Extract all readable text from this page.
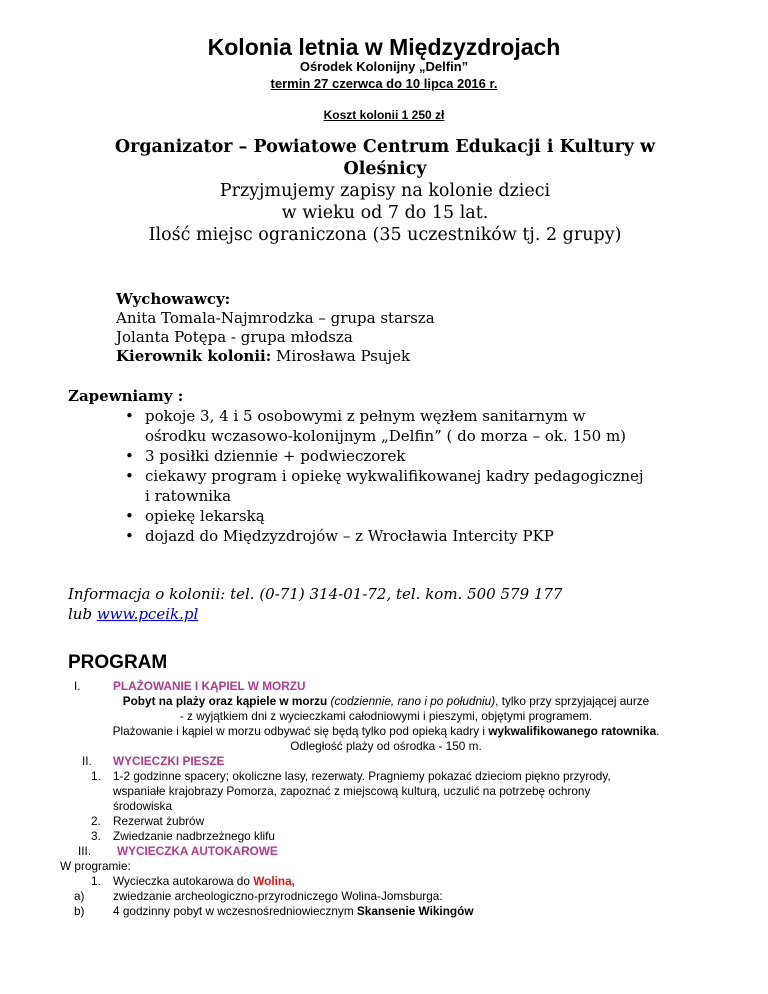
Kolonia letnia w Międzyzdrojach
Ośrodek Kolonijny „Delfin”
termin 27 czerwca do 10 lipca 2016 r.
Koszt kolonii 1 250 zł
Organizator – Powiatowe Centrum Edukacji i Kultury w
Oleśnicy
Przyjmujemy zapisy na kolonie dzieci
w wieku od 7 do 15 lat.
Ilość miejsc ograniczona (35 uczestników tj. 2 grupy)
Wychowawcy:
Anita Tomala-Najmrodzka – grupa starsza
Jolanta Potępa - grupa młodsza
Kierownik kolonii: Mirosława Psujek
Zapewniamy :
• pokoje 3, 4 i 5 osobowymi z pełnym węzłem sanitarnym w
ośrodku wczasowo-kolonijnym „Delfin” ( do morza – ok. 150 m)
• 3 posiłki dziennie + podwieczorek
• ciekawy program i opiekę wykwalifikowanej kadry pedagogicznej
i ratownika
• opiekę lekarską
• dojazd do Międzyzdrojów – z Wrocławia Intercity PKP
Informacja o kolonii: tel. (0-71) 314-01-72, tel. kom. 500 579 177
lub www.pceik.pl
PROGRAM
I.	PLAŻOWANIE I KĄPIEL W MORZU
Pobyt na plaży oraz kąpiele w morzu (codziennie, rano i po południu), tylko przy sprzyjającej aurze
- z wyjątkiem dni z wycieczkami całodniowymi i pieszymi, objętymi programem.
Plażowanie i kąpiel w morzu odbywać się będą tylko pod opieką kadry i wykwalifikowanego ratownika.
Odległość plaży od ośrodka - 150 m.
II. WYCIECZKI PIESZE
1. 1-2 godzinne spacery; okoliczne lasy, rezerwaty. Pragniemy pokazać dzieciom piękno przyrody,
wspaniałe krajobrazy Pomorza, zapoznać z miejscową kulturą, uczulić na potrzebę ochrony
środowiska
2. Rezerwat żubrów
3. Zwiedzanie nadbrzeżnego klifu
III. WYCIECZKA AUTOKAROWE
W programie:
1. Wycieczka autokarowa do Wolina,
a) zwiedzanie archeologiczno-przyrodniczego Wolina-Jomsburga:
b) 4 godzinny pobyt w wczesnośredniowiecznym Skansenie Wikingów
